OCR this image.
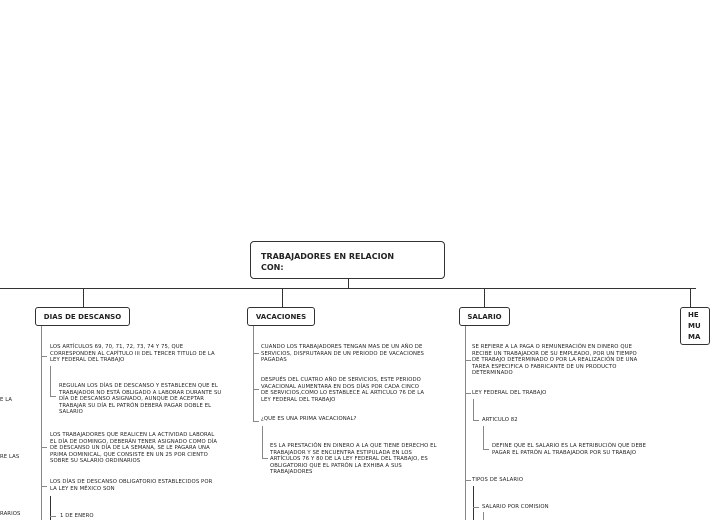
TRABAJADORES EN RELACION
CON:
DIAS DE DESCANSO	VACACIONES	SALARIO	HE
MU
MA
LOS ARTÍCULOS 69, 70, 71, 72, 73, 74 Y 75, QUE
CORRESPONDEN AL CAPÍTULO III DEL TERCER TITULO DE LA
LEY FEDERAL DEL TRABAJO
REGULAN LOS DÍAS DE DESCANSO Y ESTABLECEN QUE EL
TRABAJADOR NO ESTÁ OBLIGADO A LABORAR DURANTE SU
DÍA DE DESCANSO ASIGNADO, AUNQUE DE ACEPTAR
TRABAJAR SU DÍA EL PATRÓN DEBERÁ PAGAR DOBLE EL
SALARIO
LOS TRABAJADORES QUE REALICEN LA ACTIVIDAD LABORAL
EL DÍA DE DOMINGO, DEBERÁN TENER ASIGNADO COMO DÍA
DE DESCANSO UN DÍA DE LA SEMANA, SE LE PAGARA UNA
PRIMA DOMINICAL, QUE CONSISTE EN UN 25 POR CIENTO
SOBRE SU SALARIO ORDINARIOS
LOS DÍAS DE DESCANSO OBLIGATORIO ESTABLECIDOS POR
LA LEY EN MÉXICO SON
1 DE ENERO
E LA
RE LAS
RARIOS
CUANDO LOS TRABAJADORES TENGAN MAS DE UN AÑO DE
SERVICIOS, DISFRUTARAN DE UN PERIODO DE VACACIONES
PAGADAS
DESPUÉS DEL CUATRO AÑO DE SERVICIOS, ESTE PERIODO
VACACIONAL AUMENTARA EN DOS DÍAS POR CADA CINCO
DE SERVICIOS,COMO LO ESTABLECE AL ARTICULO 76 DE LA
LEY FEDERAL DEL TRABAJO
¿QUE ES UNA PRIMA VACACIONAL?
ES LA PRESTACIÓN EN DINERO A LA QUE TIENE DERECHO EL
TRABAJADOR Y SE ENCUENTRA ESTIPULADA EN LOS
ARTÍCULOS 76 Y 80 DE LA LEY FEDERAL DEL TRABAJO, ES
OBLIGATORIO QUE EL PATRÓN LA EXHIBA A SUS
TRABAJADORES
SE REFIERE A LA PAGA O REMUNERACIÓN EN DINERO QUE
RECIBE UN TRABAJADOR DE SU EMPLEADO, POR UN TIEMPO
DE TRABAJO DETERMINADO O POR LA REALIZACIÓN DE UNA
TAREA ESPECIFICA O FABRICANTE DE UN PRODUCTO
DETERMINADO
LEY FEDERAL DEL TRABAJO
ARTICULO 82
DEFINE QUE EL SALARIO ES LA RETRIBUCIÓN QUE DEBE
PAGAR EL PATRÓN AL TRABAJADOR POR SU TRABAJO
TIPOS DE SALARIO
SALARIO POR COMISION
